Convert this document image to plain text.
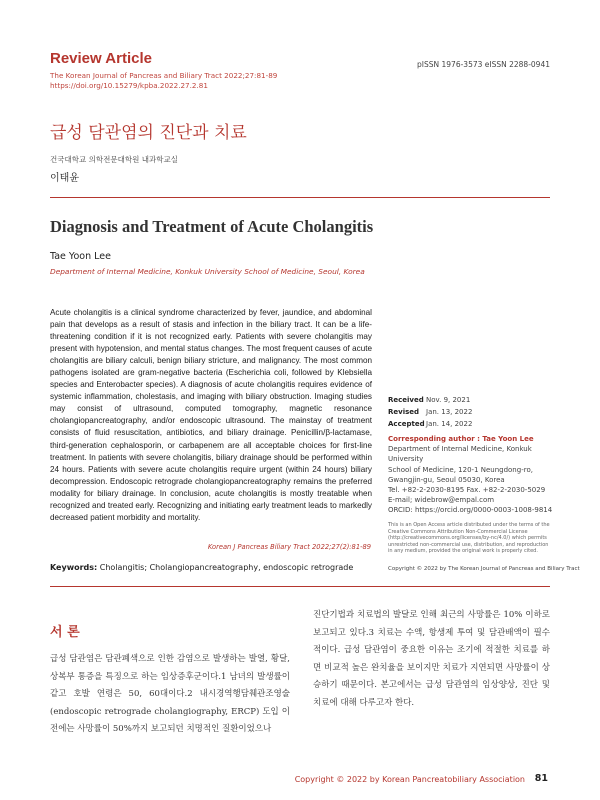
Review Article
The Korean Journal of Pancreas and Biliary Tract 2022;27:81-89
https://doi.org/10.15279/kpba.2022.27.2.81
pISSN 1976-3573 eISSN 2288-0941
급성 담관염의 진단과 치료
건국대학교 의학전문대학원 내과학교실
이태윤
Diagnosis and Treatment of Acute Cholangitis
Tae Yoon Lee
Department of Internal Medicine, Konkuk University School of Medicine, Seoul, Korea
Acute cholangitis is a clinical syndrome characterized by fever, jaundice, and abdominal pain that develops as a result of stasis and infection in the biliary tract. It can be a life-threatening condition if it is not recognized early. Patients with severe cholangitis may present with hypotension, and mental status changes. The most frequent causes of acute cholangitis are biliary calculi, benign biliary stricture, and malignancy. The most common pathogens isolated are gram-negative bacteria (Escherichia coli, followed by Klebsiella species and Enterobacter species). A diagnosis of acute cholangitis requires evidence of systemic inflammation, cholestasis, and imaging with biliary obstruction. Imaging studies may consist of ultrasound, computed tomography, magnetic resonance cholangiopancreatography, and/or endoscopic ultrasound. The mainstay of treatment consists of fluid resuscitation, antibiotics, and biliary drainage. Penicillin/β-lactamase, third-generation cephalosporin, or carbapenem are all acceptable choices for first-line treatment. In patients with severe cholangitis, biliary drainage should be performed within 24 hours. Patients with severe acute cholangitis require urgent (within 24 hours) biliary decompression. Endoscopic retrograde cholangiopancreatography remains the preferred modality for biliary drainage. In conclusion, acute cholangitis is mostly treatable when recognized and treated early. Recognizing and initiating early treatment leads to markedly decreased patient morbidity and mortality.
Korean J Pancreas Biliary Tract 2022;27(2):81-89
Keywords: Cholangitis; Cholangiopancreatography, endoscopic retrograde
Received Nov. 9, 2021
Revised Jan. 13, 2022
AcceptedJan. 14, 2022
Corresponding author : Tae Yoon Lee
Department of Internal Medicine, Konkuk University
School of Medicine, 120-1 Neungdong-ro,
Gwangjin-gu, Seoul 05030, Korea
Tel. +82-2-2030-8195 Fax. +82-2-2030-5029
E-mail; widebrow@empal.com
ORCID: https://orcid.org/0000-0003-1008-9814
This is an Open Access article distributed under the terms of the Creative Commons Attribution Non-Commercial License (http://creativecommons.org/licenses/by-nc/4.0/) which permits unrestricted non-commercial use, distribution, and reproduction in any medium, provided the original work is properly cited.
Copyright © 2022 by The Korean Journal of Pancreas and Biliary Tract
서 론
급성 담관염은 담관폐색으로 인한 감염으로 발생하는 발열, 황달, 상복부 통증을 특징으로 하는 임상증후군이다.1 남녀의 발생률이 같고 호발 연령은 50, 60대이다.2 내시경역행담췌관조영술(endoscopic retrograde cholangiography, ERCP) 도입 이전에는 사망률이 50%까지 보고되던 치명적인 질환이었으나
진단기법과 치료법의 발달로 인해 최근의 사망률은 10% 이하로 보고되고 있다.3 치료는 수액, 항생제 투여 및 담관배액이 필수적이다. 급성 담관염이 중요한 이유는 조기에 적절한 치료를 하면 비교적 높은 완치율을 보이지만 치료가 지연되면 사망률이 상승하기 때문이다. 본고에서는 급성 담관염의 임상양상, 진단 및 치료에 대해 다루고자 한다.
Copyright © 2022 by Korean Pancreatobiliary Association 81
